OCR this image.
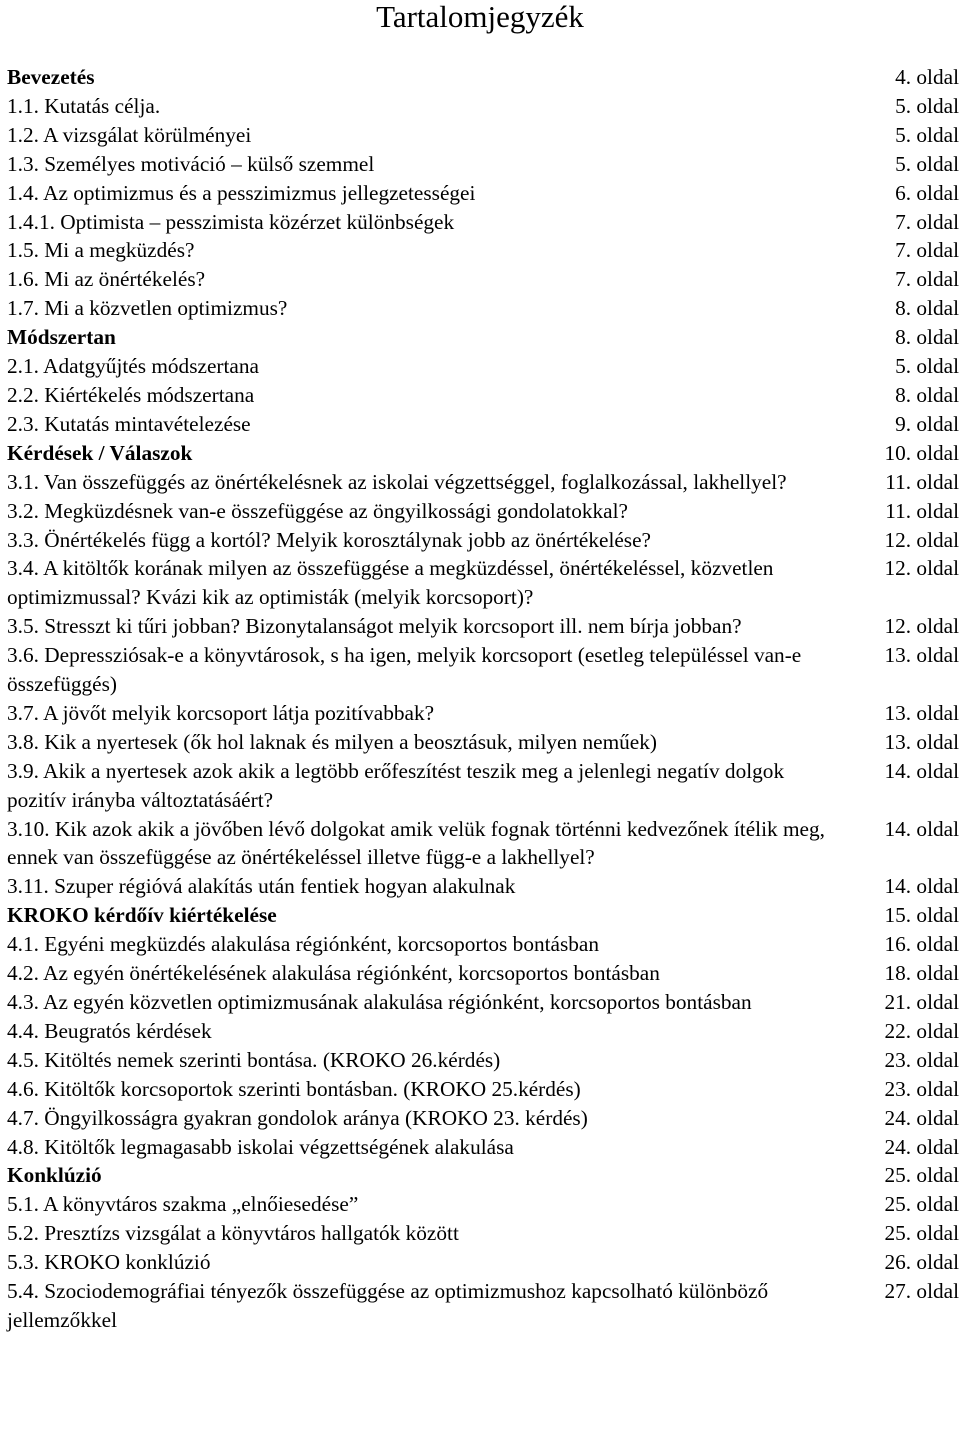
Tartalomjegyzék
Bevezetés	4. oldal
1.1. Kutatás célja.	5. oldal
1.2. A vizsgálat körülményei	5. oldal
1.3. Személyes motiváció – külső szemmel	5. oldal
1.4. Az optimizmus és a pesszimizmus jellegzetességei	6. oldal
1.4.1. Optimista – pesszimista közérzet különbségek	7. oldal
1.5. Mi a megküzdés?	7. oldal
1.6. Mi az önértékelés?	7. oldal
1.7. Mi a közvetlen optimizmus?	8. oldal
Módszertan	8. oldal
2.1. Adatgyűjtés módszertana	5. oldal
2.2. Kiértékelés módszertana	8. oldal
2.3. Kutatás mintavételezése	9. oldal
Kérdések / Válaszok	10. oldal
3.1. Van összefüggés az önértékelésnek az iskolai végzettséggel, foglalkozással, lakhellyel?	11. oldal
3.2. Megküzdésnek van-e összefüggése az öngyilkossági gondolatokkal?	11. oldal
3.3. Önértékelés függ a kortól? Melyik korosztálynak jobb az önértékelése?	12. oldal
3.4. A kitöltők korának milyen az összefüggése a megküzdéssel, önértékeléssel, közvetlen optimizmussal? Kvázi kik az optimisták (melyik korcsoport)?
12. oldal
3.5. Stresszt ki tűri jobban? Bizonytalanságot melyik korcsoport ill. nem bírja jobban?	12. oldal
3.6. Depressziósak-e a könyvtárosok, s ha igen, melyik korcsoport (esetleg településsel van-e összefüggés)
13. oldal
3.7. A jövőt melyik korcsoport látja pozitívabbak?	13. oldal
3.8. Kik a nyertesek (ők hol laknak és milyen a beosztásuk, milyen neműek)	13. oldal
3.9. Akik a nyertesek azok akik a legtöbb erőfeszítést teszik meg a jelenlegi negatív dolgok pozitív irányba változtatásáért?
14. oldal
3.10. Kik azok akik a jövőben lévő dolgokat amik velük fognak történni kedvezőnek ítélik meg, ennek van összefüggése az önértékeléssel illetve függ-e a lakhellyel?
14. oldal
3.11. Szuper régióvá alakítás után fentiek hogyan alakulnak	14. oldal
KROKO kérdőív kiértékelése	15. oldal
4.1. Egyéni megküzdés alakulása régiónként, korcsoportos bontásban	16. oldal
4.2. Az egyén önértékelésének alakulása régiónként, korcsoportos bontásban	18. oldal
4.3. Az egyén közvetlen optimizmusának alakulása régiónként, korcsoportos bontásban	21. oldal
4.4. Beugratós kérdések	22. oldal
4.5. Kitöltés nemek szerinti bontása. (KROKO 26.kérdés)	23. oldal
4.6. Kitöltők korcsoportok szerinti bontásban. (KROKO 25.kérdés)	23. oldal
4.7. Öngyilkosságra gyakran gondolok aránya (KROKO 23. kérdés)	24. oldal
4.8. Kitöltők legmagasabb iskolai végzettségének alakulása	24. oldal
Konklúzió	25. oldal
5.1. A könyvtáros szakma „elnőiesedése”	25. oldal
5.2. Presztízs vizsgálat a könyvtáros hallgatók között	25. oldal
5.3. KROKO konklúzió	26. oldal
5.4. Szociodemográfiai tényezők összefüggése az optimizmushoz kapcsolható különböző jellemzőkkel
27. oldal
